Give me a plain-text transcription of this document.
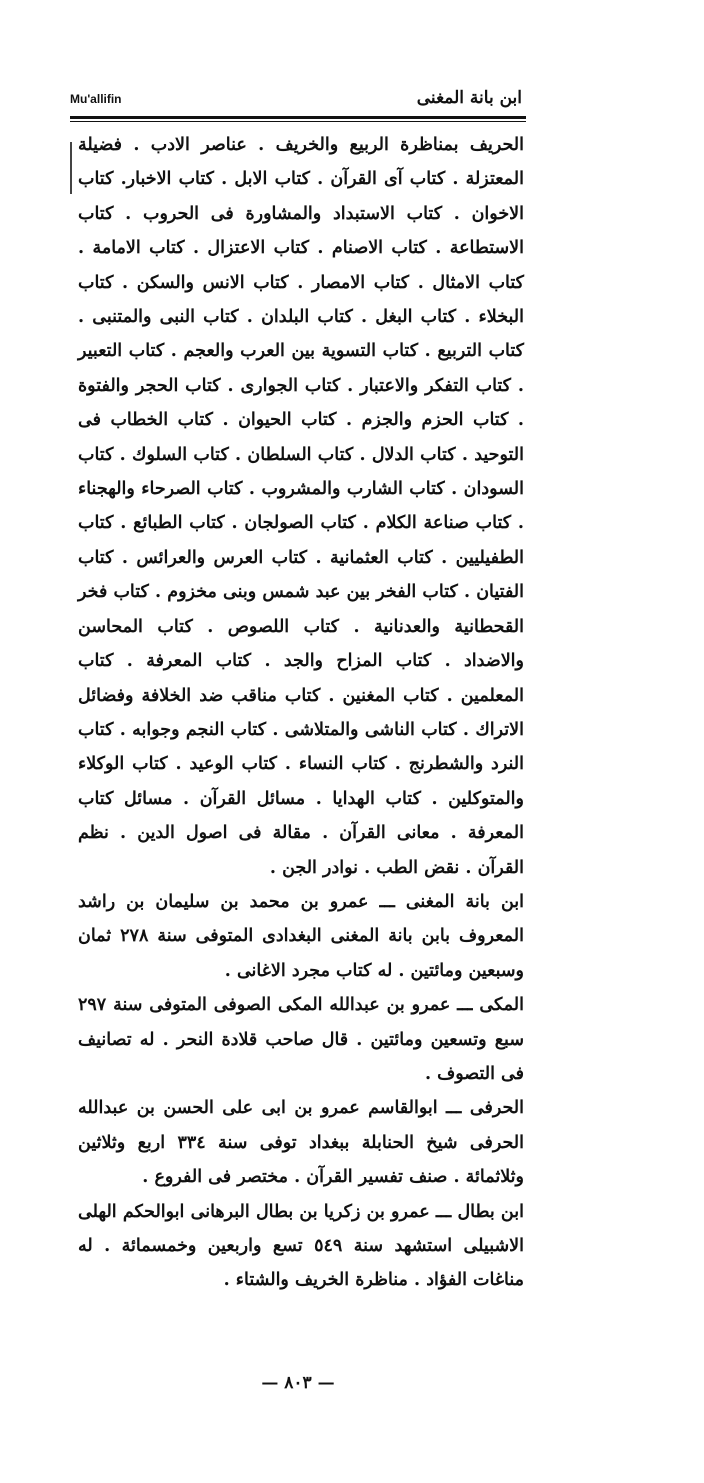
Mu'allifin	ابن بانة المغنى

الحريف بمناظرة الربيع والخريف . عناصر الادب . فضيلة المعتزلة . كتاب آى القرآن . كتاب الابل . كتاب الاخبار. كتاب الاخوان . كتاب الاستبداد والمشاورة فى الحروب . كتاب الاستطاعة . كتاب الاصنام . كتاب الاعتزال . كتاب الامامة . كتاب الامثال . كتاب الامصار . كتاب الانس والسكن . كتاب البخلاء . كتاب البغل . كتاب البلدان . كتاب النبى والمتنبى . كتاب التربيع . كتاب التسوية بين العرب والعجم . كتاب التعبير . كتاب التفكر والاعتبار . كتاب الجوارى . كتاب الحجر والفتوة . كتاب الحزم والجزم . كتاب الحيوان . كتاب الخطاب فى التوحيد . كتاب الدلال . كتاب السلطان . كتاب السلوك . كتاب السودان . كتاب الشارب والمشروب . كتاب الصرحاء والهجناء . كتاب صناعة الكلام . كتاب الصولجان . كتاب الطبائع . كتاب الطفيليين . كتاب العثمانية . كتاب العرس والعرائس . كتاب الفتيان . كتاب الفخر بين عبد شمس وبنى مخزوم . كتاب فخر القحطانية والعدنانية . كتاب اللصوص . كتاب المحاسن والاضداد . كتاب المزاح والجد . كتاب المعرفة . كتاب المعلمين . كتاب المغنين . كتاب مناقب ضد الخلافة وفضائل الاتراك . كتاب الناشى والمتلاشى . كتاب النجم وجوابه . كتاب النرد والشطرنج . كتاب النساء . كتاب الوعيد . كتاب الوكلاء والمتوكلين . كتاب الهدايا . مسائل القرآن . مسائل كتاب المعرفة . معانى القرآن . مقالة فى اصول الدين . نظم القرآن . نقض الطب . نوادر الجن .

ابن بانة المغنى ـــ عمرو بن محمد بن سليمان بن راشد المعروف بابن بانة المغنى البغدادى المتوفى سنة ٢٧٨ ثمان وسبعين ومائتين . له كتاب مجرد الاغانى .

المكى ـــ عمرو بن عبدالله المكى الصوفى المتوفى سنة ٢٩٧ سبع وتسعين ومائتين . قال صاحب قلادة النحر . له تصانيف فى التصوف .

الحرفى ـــ ابوالقاسم عمرو بن ابى على الحسن بن عبدالله الحرفى شيخ الحنابلة ببغداد توفى سنة ٣٣٤ اربع وثلاثين وثلاثمائة . صنف تفسير القرآن . مختصر فى الفروع .

ابن بطال ـــ عمرو بن زكريا بن بطال البرهانى ابوالحكم الهلى الاشبيلى استشهد سنة ٥٤٩ تسع واربعين وخمسمائة . له مناغات الفؤاد . مناظرة الخريف والشتاء .

— ٨٠٣ —
